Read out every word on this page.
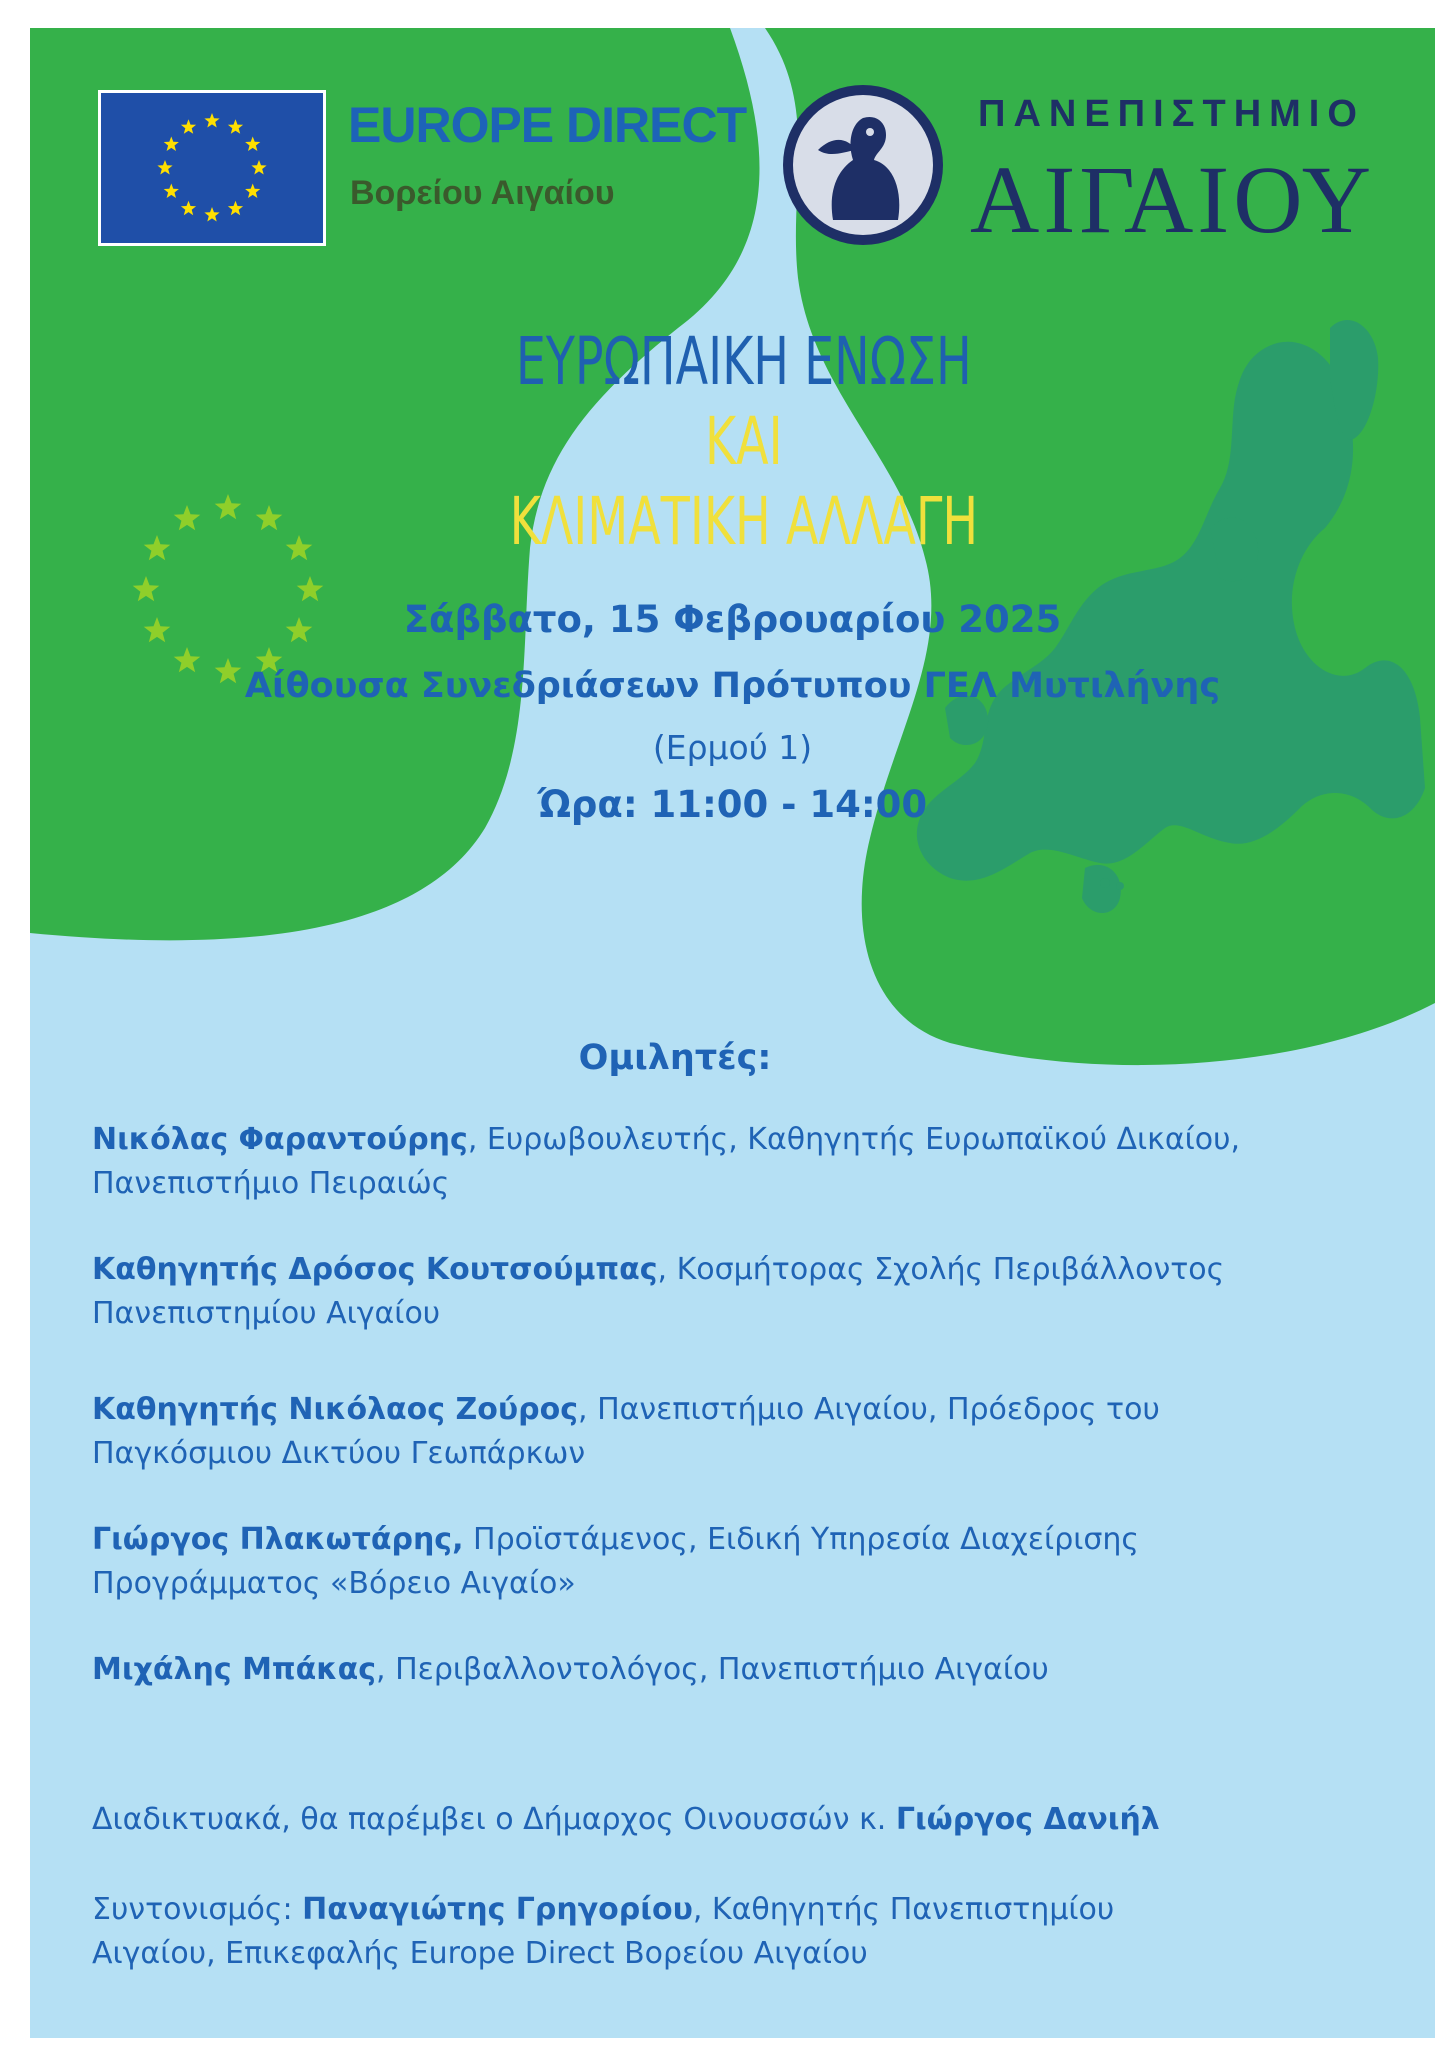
EUROPE DIRECT
Βορείου Αιγαίου
ΠΑΝΕΠΙΣΤΗΜΙΟ
ΑΙΓΑΙΟΥ
ΕΥΡΩΠΑΙΚΗ ΕΝΩΣΗ
ΚΑΙ
ΚΛΙΜΑΤΙΚΗ ΑΛΛΑΓΗ
Σάββατο, 15 Φεβρουαρίου 2025
Αίθουσα Συνεδριάσεων Πρότυπου ΓΕΛ Μυτιλήνης
(Ερμού 1)
Ώρα: 11:00 - 14:00
Ομιλητές:
Νικόλας Φαραντούρης, Ευρωβουλευτής, Καθηγητής Ευρωπαϊκού Δικαίου,
Πανεπιστήμιο Πειραιώς
Καθηγητής Δρόσος Κουτσούμπας, Κοσμήτορας Σχολής Περιβάλλοντος
Πανεπιστημίου Αιγαίου
Καθηγητής Νικόλαος Ζούρος, Πανεπιστήμιο Αιγαίου, Πρόεδρος του
Παγκόσμιου Δικτύου Γεωπάρκων
Γιώργος Πλακωτάρης, Προϊστάμενος, Ειδική Υπηρεσία Διαχείρισης
Προγράμματος «Βόρειο Αιγαίο»
Μιχάλης Μπάκας, Περιβαλλοντολόγος, Πανεπιστήμιο Αιγαίου
Διαδικτυακά, θα παρέμβει ο Δήμαρχος Οινουσσών κ. Γιώργος Δανιήλ
Συντονισμός: Παναγιώτης Γρηγορίου, Καθηγητής Πανεπιστημίου
Αιγαίου, Επικεφαλής Europe Direct Βορείου Αιγαίου
